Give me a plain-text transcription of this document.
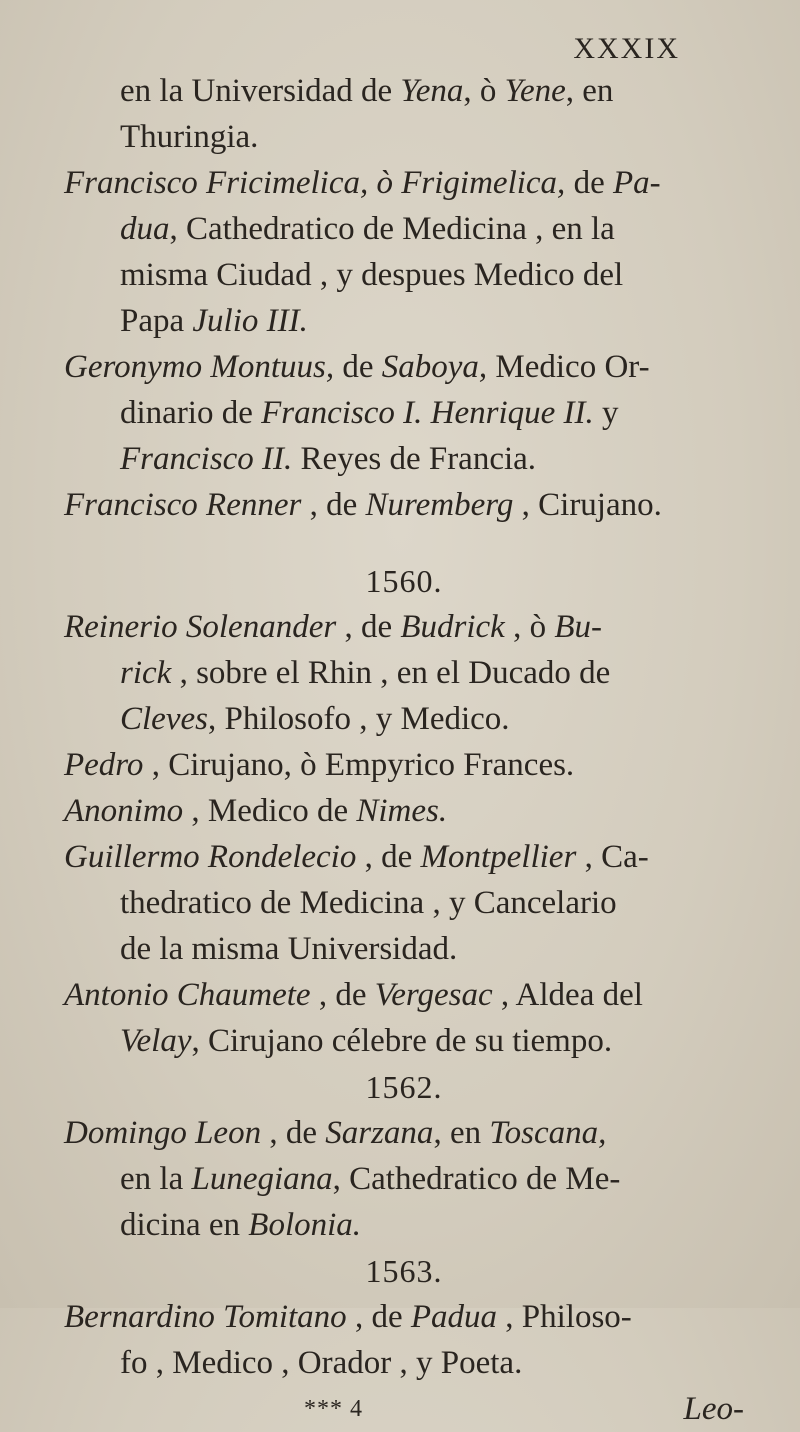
XXXIX
en la Universidad de Yena, ò Yene, en
Thuringia.
Francisco Fricimelica, ò Frigimelica, de Pa-
dua, Cathedratico de Medicina , en la
misma Ciudad , y despues Medico del
Papa Julio III.
Geronymo Montuus, de Saboya, Medico Or-
dinario de Francisco I. Henrique II. y
Francisco II. Reyes de Francia.
Francisco Renner , de Nuremberg , Cirujano.
1560.
Reinerio Solenander , de Budrick , ò Bu-
rick , sobre el Rhin , en el Ducado de
Cleves, Philosofo , y Medico.
Pedro , Cirujano, ò Empyrico Frances.
Anonimo , Medico de Nimes.
Guillermo Rondelecio , de Montpellier , Ca-
thedratico de Medicina , y Cancelario
de la misma Universidad.
Antonio Chaumete , de Vergesac , Aldea del
Velay, Cirujano célebre de su tiempo.
1562.
Domingo Leon , de Sarzana, en Toscana,
en la Lunegiana, Cathedratico de Me-
dicina en Bolonia.
1563.
Bernardino Tomitano , de Padua , Philoso-
fo , Medico , Orador , y Poeta.
*** 4	Leo-
